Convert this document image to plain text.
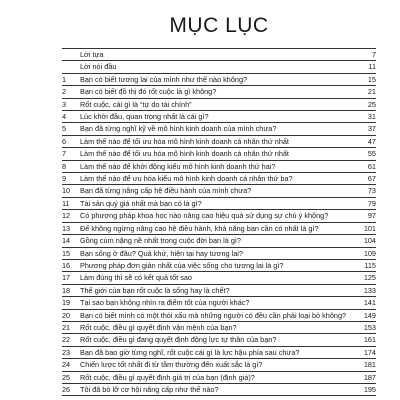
MỤC LỤC
Lời tựa	7
Lời nói đầu	11
1	Bạn có biết tương lai của mình như thế nào không?	15
2	Bạn có biết đồ thị đó rốt cuộc là gì không?	21
3	Rốt cuộc, cái gì là “tự do tài chính”	25
4	Lúc khởi đầu, quan trọng nhất là cái gì?	31
5	Bạn đã từng nghĩ kỹ về mô hình kinh doanh của mình chưa?	37
6	Làm thế nào để tối ưu hóa mô hình kinh doanh cá nhân thứ nhất	47
7	Làm thế nào để tối ưu hóa mô hình kinh doanh cá nhân thứ nhất	55
8	Làm thế nào để khởi động kiểu mô hình kinh doanh thứ hai?	61
9	Làm thế nào để ưu hóa kiểu mô hình kinh doanh cá nhân thứ ba?	67
10	Bạn đã từng nâng cấp hệ điều hành của mình chưa?	73
11	Tài sản quý giá nhất mà bạn có là gì?	79
12	Có phương pháp khoa học nào nâng cao hiệu quả sử dụng sự chú ý không?	97
13	Để không ngừng nâng cao hệ điều hành, khả năng bạn cần có nhất là gì?	101
14	Gồng cùm nặng nề nhất trong cuộc đời bạn là gì?	104
15	Bạn sống ở đâu? Quá khứ, hiện tại hay tương lai?	109
16	Phương pháp đơn giản nhất của việc sống cho tương lai là gì?	115
17	Làm đúng thì sẽ có kết quả tốt sao	125
18	Thế giới của bạn rốt cuộc là sống hay là chết?	133
19	Tại sao bạn không nhìn ra điểm tốt của người khác?	141
20	Bạn có biết mình có một thói xấu mà những người có đều cần phải loại bỏ không?	149
21	Rốt cuộc, điều gì quyết định vận mệnh của bạn?	153
22	Rốt cuộc, điều gì đang quyết định động lực tự thân của bạn?	161
23	Bạn đã bao giờ từng nghĩ, rốt cuộc cái gì là lực hậu phía sau chưa?	174
24	Chiến lược tốt nhất đi từ tầm thường đến xuất sắc là gì?	181
25	Rốt cuộc, điều gì quyết định giá trị của bạn (định giá)?	187
26	Tôi đã bỏ lỡ cơ hội nâng cấp như thế nào?	195
